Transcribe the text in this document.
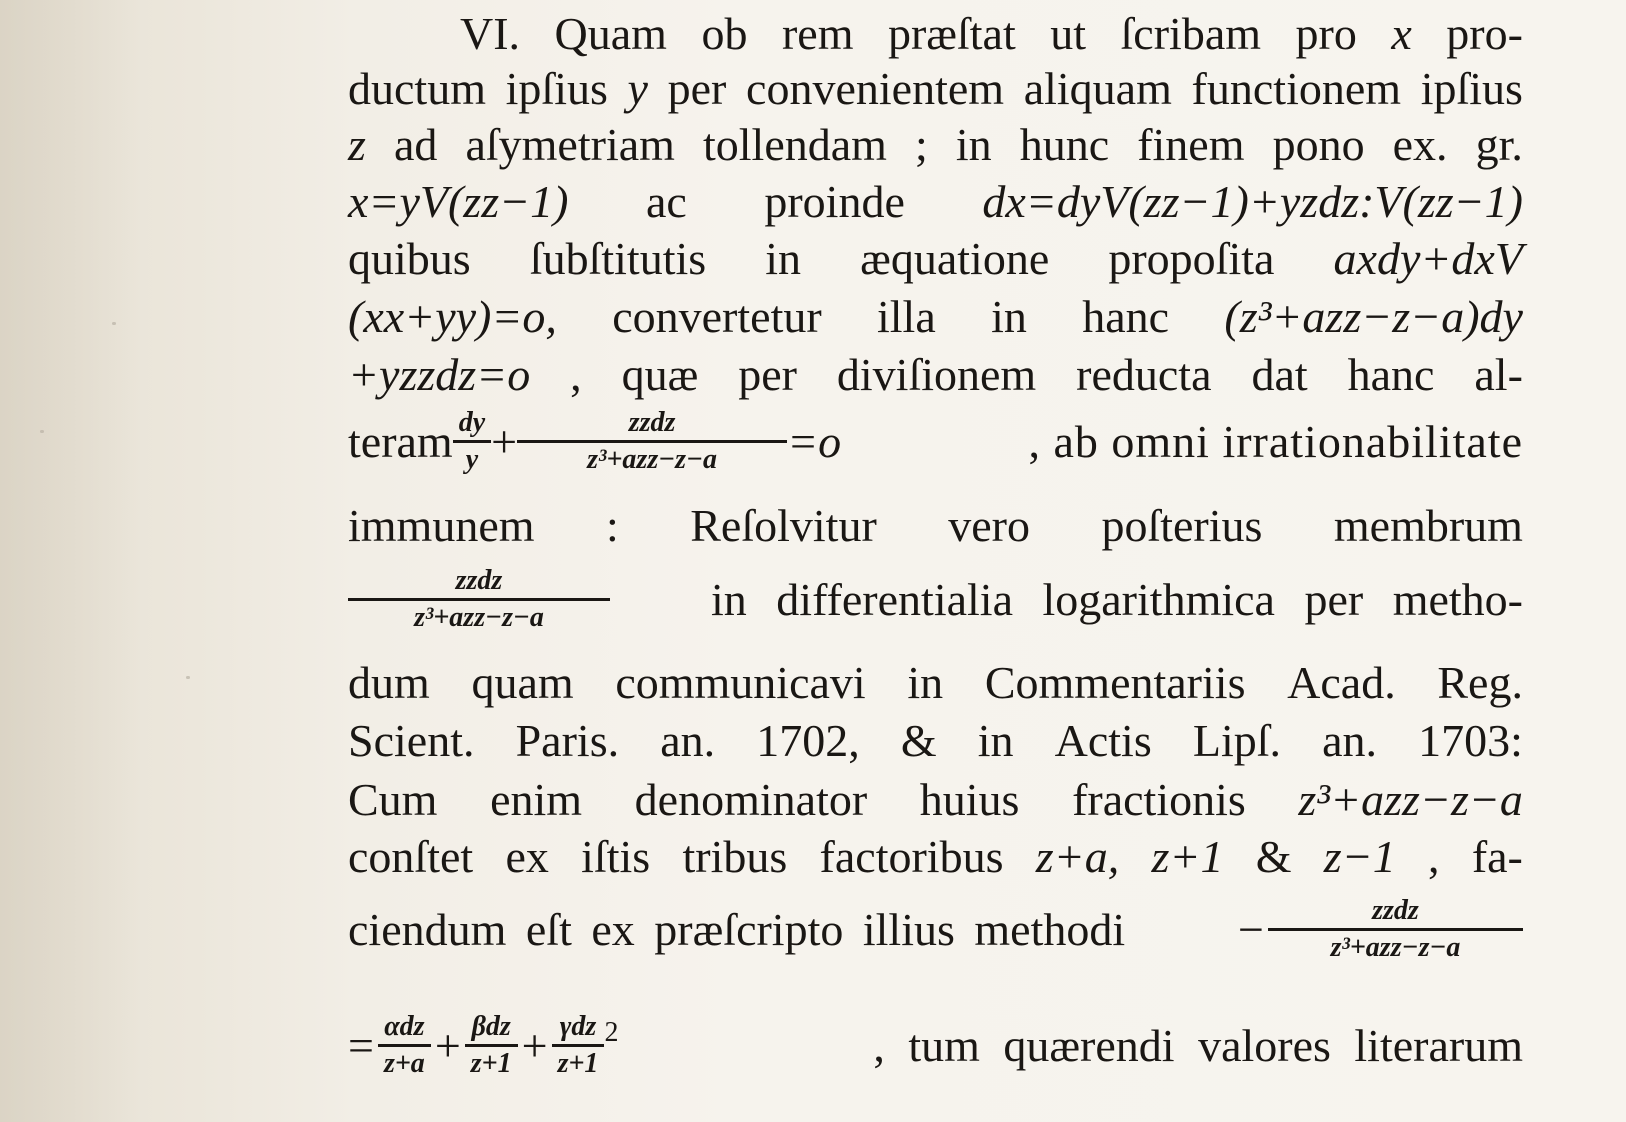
VI. Quam ob rem præſtat ut ſcribam pro x pro-
ductum ipſius y per convenientem aliquam functionem ipſius
z ad aſymetriam tollendam ; in hunc finem pono ex. gr.
x=yV(zz−1) ac proinde dx=dyV(zz−1)+yzdz:V(zz−1)
quibus ſubſtitutis in æquatione propoſita axdy+dxV
(xx+yy)=o, convertetur illa in hanc (z³+azz−z−a)dy
+yzzdz=o , quæ per diviſionem reducta dat hanc al-
teram $\frac{dy}{y} + \frac{\text{zzdz}}{\text{z³+azz−z−a}} =o$	, ab omni irrationabilitate
immunem : Reſolvitur vero poſterius membrum
$\frac{\text{zzdz}}{\text{z³+azz−z−a}}$	in differentialia logarithmica per metho-
dum quam communicavi in Commentariis Acad. Reg.
Scient. Paris. an. 1702, & in Actis Lipſ. an. 1703:
Cum enim denominator huius fractionis z³+azz−z−a
conſtet ex iſtis tribus factoribus z+a, z+1 & z−1 , fa-
ciendum eſt ex præſcripto illius methodi	− $\frac{\text{zzdz}}{\text{z³+azz−z−a}}$
= $\frac{\text{αdz}}{z+a} + \frac{\text{βdz}}{z+1} + \frac{\text{γdz}}{z+1} 2$	, tum quærendi valores literarum
